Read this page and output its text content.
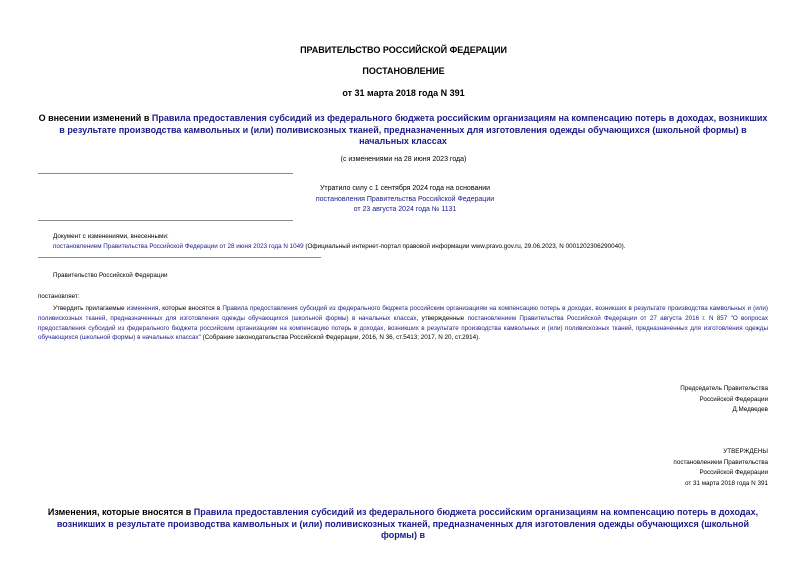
ПРАВИТЕЛЬСТВО РОССИЙСКОЙ ФЕДЕРАЦИИ
ПОСТАНОВЛЕНИЕ
от 31 марта 2018 года N 391
О внесении изменений в Правила предоставления субсидий из федерального бюджета российским организациям на компенсацию потерь в доходах, возникших в результате производства камвольных и (или) поливискозных тканей, предназначенных для изготовления одежды обучающихся (школьной формы) в начальных классах
(с изменениями на 28 июня 2023 года)

Утратило силу с 1 сентября 2024 года на основании

постановления Правительства Российской Федерации

от 23 августа 2024 года № 1131

Документ с изменениями, внесенными:
постановлением Правительства Российской Федерации от 28 июня 2023 года N 1049 (Официальный интернет-портал правовой информации www.pravo.gov.ru, 29.06.2023, N 0001202306290040).
Правительство Российской Федерации
постановляет:
Утвердить прилагаемые изменения, которые вносятся в Правила предоставления субсидий из федерального бюджета российским организациям на компенсацию потерь в доходах, возникших в результате производства камвольных и (или) поливискозных тканей, предназначенных для изготовления одежды обучающихся (школьной формы) в начальных классах, утвержденные постановлением Правительства Российской Федерации от 27 августа 2016 г. N 857 "О вопросах предоставления субсидий из федерального бюджета российским организациям на компенсацию потерь в доходах, возникших в результате производства камвольных и (или) поливискозных тканей, предназначенных для изготовления одежды обучающихся (школьной формы) в начальных классах" (Собрание законодательства Российской Федерации, 2016, N 36, ст.5413; 2017, N 20, ст.2914).

Председатель Правительства

Российской Федерации

Д.Медведев

УТВЕРЖДЕНЫ

постановлением Правительства

Российской Федерации

от 31 марта 2018 года N 391

Изменения, которые вносятся в Правила предоставления субсидий из федерального бюджета российским организациям на компенсацию потерь в доходах, возникших в результате производства камвольных и (или) поливискозных тканей, предназначенных для изготовления одежды обучающихся (школьной формы) в
